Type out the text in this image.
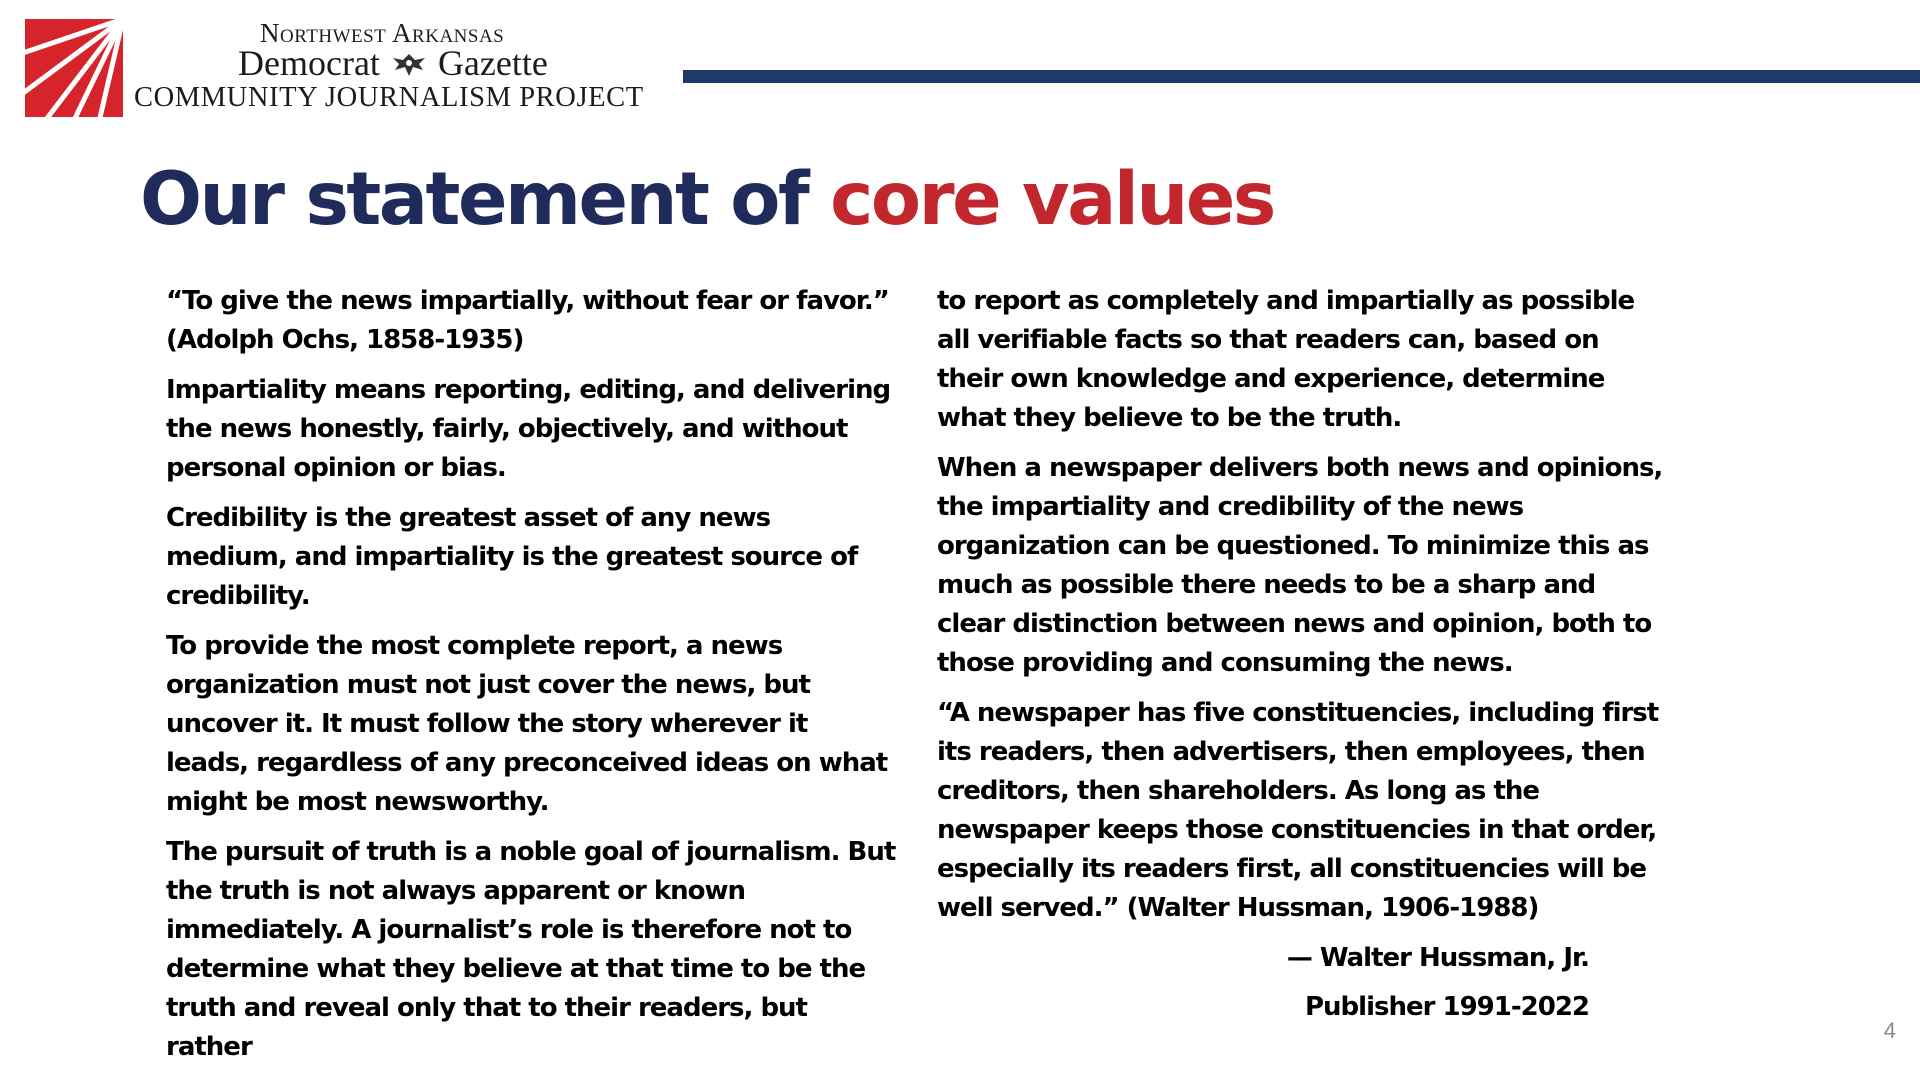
Northwest Arkansas
Democrat Gazette
COMMUNITY JOURNALISM PROJECT
Our statement of core values

“To give the news impartially, without fear or favor.” (Adolph Ochs, 1858-1935)

Impartiality means reporting, editing, and delivering the news honestly, fairly, objectively, and without personal opinion or bias.

Credibility is the greatest asset of any news medium, and impartiality is the greatest source of credibility.

To provide the most complete report, a news organization must not just cover the news, but uncover it. It must follow the story wherever it leads, regardless of any preconceived ideas on what might be most newsworthy.

The pursuit of truth is a noble goal of journalism. But the truth is not always apparent or known immediately. A journalist’s role is therefore not to determine what they believe at that time to be the truth and reveal only that to their readers, but rather

to report as completely and impartially as possible all verifiable facts so that readers can, based on their own knowledge and experience, determine what they believe to be the truth.

When a newspaper delivers both news and opinions, the impartiality and credibility of the news organization can be questioned. To minimize this as much as possible there needs to be a sharp and clear distinction between news and opinion, both to those providing and consuming the news.

“A newspaper has five constituencies, including first its readers, then advertisers, then employees, then creditors, then shareholders. As long as the newspaper keeps those constituencies in that order, especially its readers first, all constituencies will be well served.” (Walter Hussman, 1906-1988)

— Walter Hussman, Jr.

Publisher 1991-2022

4
